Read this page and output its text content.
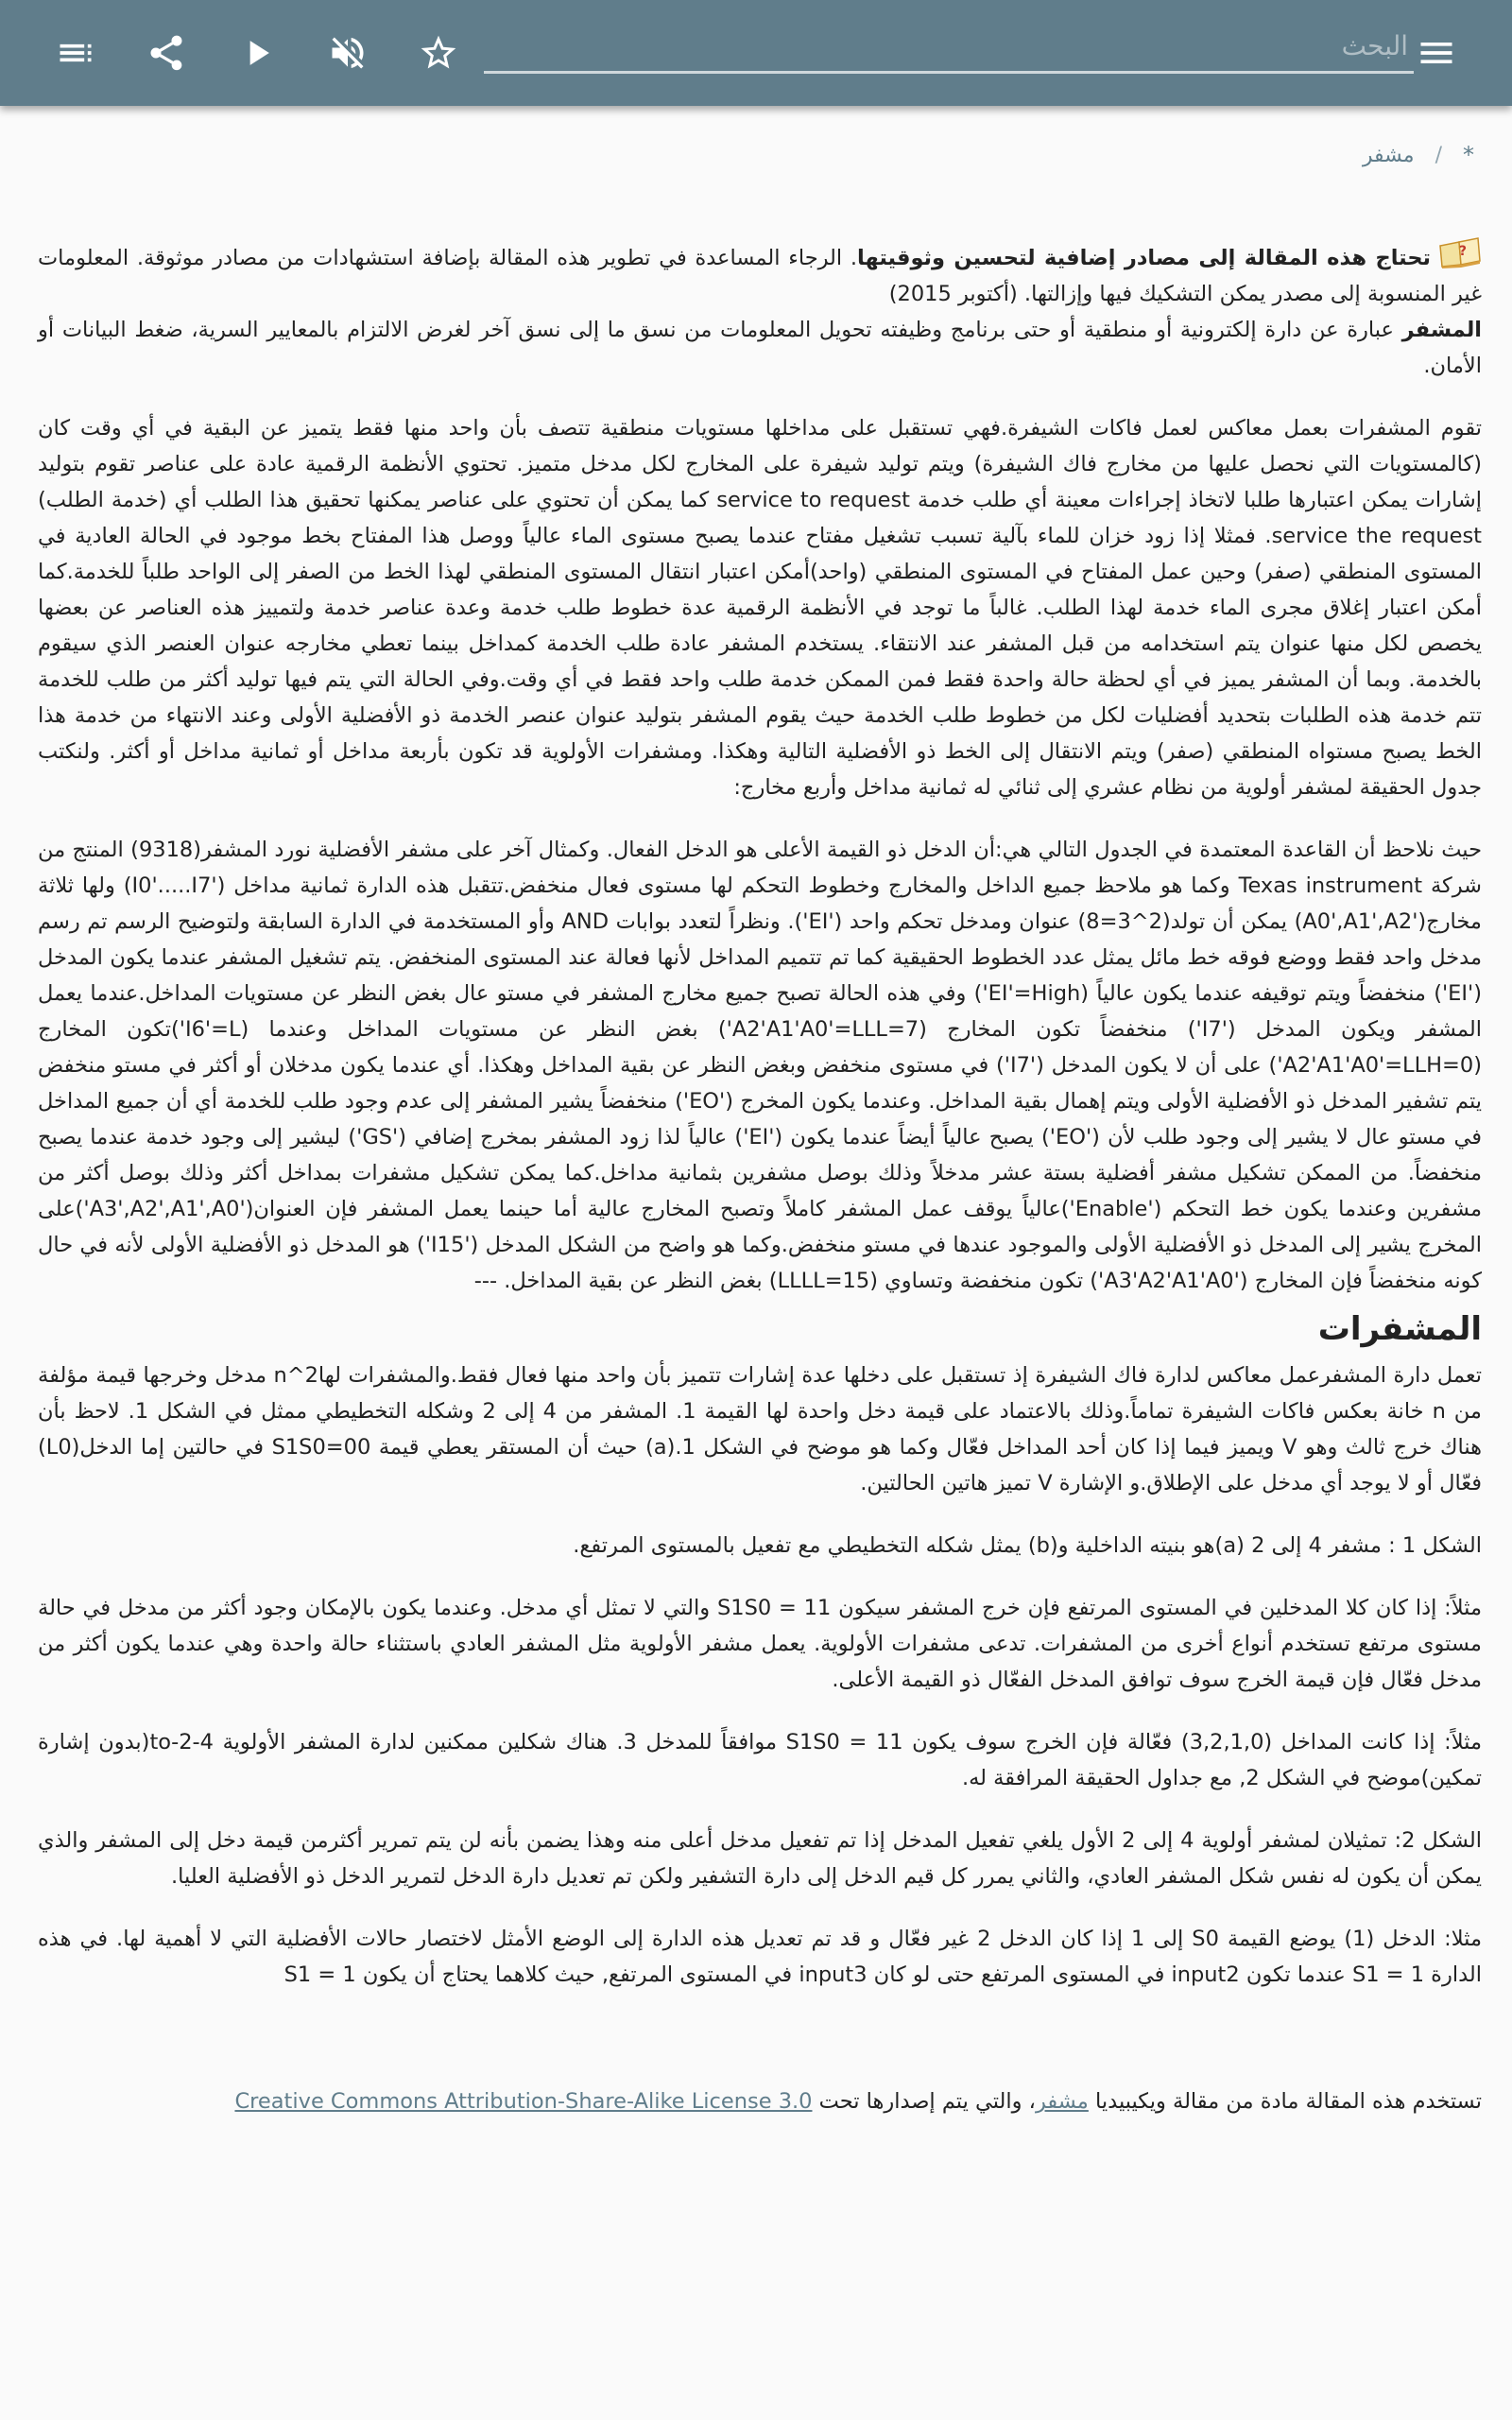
البحث
*
/
مشفر

?
تحتاج هذه المقالة إلى مصادر إضافية لتحسين وثوقيتها. الرجاء المساعدة في تطوير هذه المقالة بإضافة استشهادات من مصادر موثوقة. المعلومات غير المنسوبة إلى مصدر يمكن التشكيك فيها وإزالتها. (أكتوبر 2015)

المشفر عبارة عن دارة إلكترونية أو منطقية أو حتى برنامج وظيفته تحويل المعلومات من نسق ما إلى نسق آخر لغرض الالتزام بالمعايير السرية، ضغط البيانات أو الأمان.

تقوم المشفرات بعمل معاكس لعمل فاكات الشيفرة.فهي تستقبل على مداخلها مستويات منطقية تتصف بأن واحد منها فقط يتميز عن البقية في أي وقت كان (كالمستويات التي نحصل عليها من مخارج فاك الشيفرة) ويتم توليد شيفرة على المخارج لكل مدخل متميز. تحتوي الأنظمة الرقمية عادة على عناصر تقوم بتوليد إشارات يمكن اعتبارها طلبا لاتخاذ إجراءات معينة أي طلب خدمة service to request كما يمكن أن تحتوي على عناصر يمكنها تحقيق هذا الطلب أي (خدمة الطلب) service the request. فمثلا إذا زود خزان للماء بآلية تسبب تشغيل مفتاح عندما يصبح مستوى الماء عالياً ووصل هذا المفتاح بخط موجود في الحالة العادية في المستوى المنطقي (صفر) وحين عمل المفتاح في المستوى المنطقي (واحد)أمكن اعتبار انتقال المستوى المنطقي لهذا الخط من الصفر إلى الواحد طلباً للخدمة.كما أمكن اعتبار إغلاق مجرى الماء خدمة لهذا الطلب. غالباً ما توجد في الأنظمة الرقمية عدة خطوط طلب خدمة وعدة عناصر خدمة ولتمييز هذه العناصر عن بعضها يخصص لكل منها عنوان يتم استخدامه من قبل المشفر عند الانتقاء. يستخدم المشفر عادة طلب الخدمة كمداخل بينما تعطي مخارجه عنوان العنصر الذي سيقوم بالخدمة. وبما أن المشفر يميز في أي لحظة حالة واحدة فقط فمن الممكن خدمة طلب واحد فقط في أي وقت.وفي الحالة التي يتم فيها توليد أكثر من طلب للخدمة تتم خدمة هذه الطلبات بتحديد أفضليات لكل من خطوط طلب الخدمة حيث يقوم المشفر بتوليد عنوان عنصر الخدمة ذو الأفضلية الأولى وعند الانتهاء من خدمة هذا الخط يصبح مستواه المنطقي (صفر) ويتم الانتقال إلى الخط ذو الأفضلية التالية وهكذا. ومشفرات الأولوية قد تكون بأربعة مداخل أو ثمانية مداخل أو أكثر. ولنكتب جدول الحقيقة لمشفر أولوية من نظام عشري إلى ثنائي له ثمانية مداخل وأربع مخارج:

حيث نلاحظ أن القاعدة المعتمدة في الجدول التالي هي:أن الدخل ذو القيمة الأعلى هو الدخل الفعال. وكمثال آخر على مشفر الأفضلية نورد المشفر(9318) المنتج من شركة Texas instrument وكما هو ملاحظ جميع الداخل والمخارج وخطوط التحكم لها مستوى فعال منخفض.تتقبل هذه الدارة ثمانية مداخل ('I0'.....I7) ولها ثلاثة مخارج('A0',A1',A2) يمكن أن تولد(2^3=8) عنوان ومدخل تحكم واحد ('EI'). ونظراً لتعدد بوابات AND وأو المستخدمة في الدارة السابقة ولتوضيح الرسم تم رسم مدخل واحد فقط ووضع فوقه خط مائل يمثل عدد الخطوط الحقيقية كما تم تتميم المداخل لأنها فعالة عند المستوى المنخفض. يتم تشغيل المشفر عندما يكون المدخل ('EI') منخفضاً ويتم توقيفه عندما يكون عالياً (EI'=High') وفي هذه الحالة تصبح جميع مخارج المشفر في مستو عال بغض النظر عن مستويات المداخل.عندما يعمل المشفر ويكون المدخل ('I7') منخفضاً تكون المخارج (A2'A1'A0'=LLL=7') بغض النظر عن مستويات المداخل وعندما (I6'=L')تكون المخارج (A2'A1'A0'=LLH=0') على أن لا يكون المدخل ('I7') في مستوى منخفض وبغض النظر عن بقية المداخل وهكذا. أي عندما يكون مدخلان أو أكثر في مستو منخفض يتم تشفير المدخل ذو الأفضلية الأولى ويتم إهمال بقية المداخل. وعندما يكون المخرج ('EO') منخفضاً يشير المشفر إلى عدم وجود طلب للخدمة أي أن جميع المداخل في مستو عال لا يشير إلى وجود طلب لأن ('EO') يصبح عالياً أيضاً عندما يكون ('EI') عالياً لذا زود المشفر بمخرج إضافي ('GS') ليشير إلى وجود خدمة عندما يصبح منخفضاً. من الممكن تشكيل مشفر أفضلية بستة عشر مدخلاً وذلك بوصل مشفرين بثمانية مداخل.كما يمكن تشكيل مشفرات بمداخل أكثر وذلك بوصل أكثر من مشفرين وعندما يكون خط التحكم ('Enable')عالياً يوقف عمل المشفر كاملاً وتصبح المخارج عالية أما حينما يعمل المشفر فإن العنوان('A3',A2',A1',A0')على المخرج يشير إلى المدخل ذو الأفضلية الأولى والموجود عندها في مستو منخفض.وكما هو واضح من الشكل المدخل ('I15') هو المدخل ذو الأفضلية الأولى لأنه في حال كونه منخفضاً فإن المخارج ('A3'A2'A1'A0') تكون منخفضة وتساوي (LLLL=15) بغض النظر عن بقية المداخل. ---

المشفرات

تعمل دارة المشفرعمل معاكس لدارة فاك الشيفرة إذ تستقبل على دخلها عدة إشارات تتميز بأن واحد منها فعال فقط.والمشفرات لهاn^2 مدخل وخرجها قيمة مؤلفة من n خانة بعكس فاكات الشيفرة تماماً.وذلك بالاعتماد على قيمة دخل واحدة لها القيمة 1. المشفر من 4 إلى 2 وشكله التخطيطي ممثل في الشكل 1. لاحظ بأن هناك خرج ثالث وهو V ويميز فيما إذا كان أحد المداخل فعّال وكما هو موضح في الشكل 1.(a) حيث أن المستقر يعطي قيمة S1S0=00 في حالتين إما الدخل(L0) فعّال أو لا يوجد أي مدخل على الإطلاق.و الإشارة V تميز هاتين الحالتين.

الشكل 1 : مشفر 4 إلى 2 (a)هو بنيته الداخلية و(b) يمثل شكله التخطيطي مع تفعيل بالمستوى المرتفع.

مثلاً: إذا كان كلا المدخلين في المستوى المرتفع فإن خرج المشفر سيكون S1S0 = 11 والتي لا تمثل أي مدخل. وعندما يكون بالإمكان وجود أكثر من مدخل في حالة مستوى مرتفع تستخدم أنواع أخرى من المشفرات. تدعى مشفرات الأولوية. يعمل مشفر الأولوية مثل المشفر العادي باستثناء حالة واحدة وهي عندما يكون أكثر من مدخل فعّال فإن قيمة الخرج سوف توافق المدخل الفعّال ذو القيمة الأعلى.

مثلاً: إذا كانت المداخل (3,2,1,0) فعّالة فإن الخرج سوف يكون S1S0 = 11 موافقاً للمدخل 3. هناك شكلين ممكنين لدارة المشفر الأولوية 4-2-to(بدون إشارة تمكين)موضح في الشكل 2, مع جداول الحقيقة المرافقة له.

الشكل 2: تمثيلان لمشفر أولوية 4 إلى 2 الأول يلغي تفعيل المدخل إذا تم تفعيل مدخل أعلى منه وهذا يضمن بأنه لن يتم تمرير أكثرمن قيمة دخل إلى المشفر والذي يمكن أن يكون له نفس شكل المشفر العادي، والثاني يمرر كل قيم الدخل إلى دارة التشفير ولكن تم تعديل دارة الدخل لتمرير الدخل ذو الأفضلية العليا.

مثلا: الدخل (1) يوضع القيمة S0 إلى 1 إذا كان الدخل 2 غير فعّال و قد تم تعديل هذه الدارة إلى الوضع الأمثل لاختصار حالات الأفضلية التي لا أهمية لها. في هذه الدارة S1 = 1 عندما تكون input2 في المستوى المرتفع حتى لو كان input3 في المستوى المرتفع, حيث كلاهما يحتاج أن يكون S1 = 1

تستخدم هذه المقالة مادة من مقالة ويكيبيديا مشفر، والتي يتم إصدارها تحت Creative Commons Attribution-Share-Alike License 3.0
